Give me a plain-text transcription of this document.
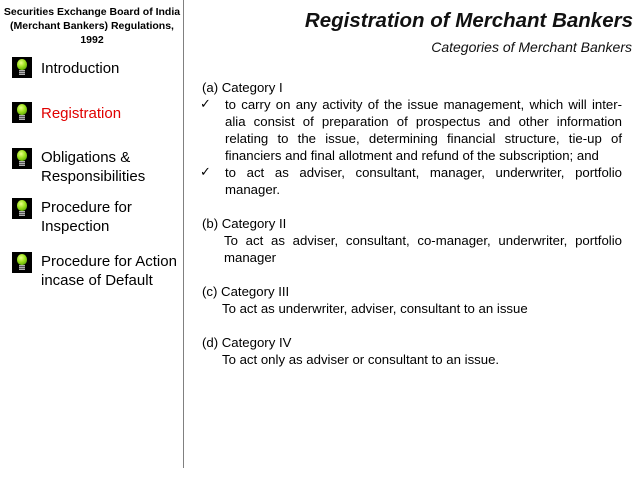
Securities Exchange Board of India
(Merchant Bankers) Regulations, 1992
Introduction
Registration
Obligations &
Responsibilities
Procedure for
Inspection
Procedure for Action
incase of Default
Registration of Merchant Bankers
Categories of Merchant Bankers
(a) Category I
✓ to carry on any activity of the issue management, which will inter-alia consist of preparation of prospectus and other information relating to the issue, determining financial structure, tie-up of financiers and final allotment and refund of the subscription; and
✓ to act as adviser, consultant, manager, underwriter, portfolio manager.
(b) Category II
To act as adviser, consultant, co-manager, underwriter, portfolio manager
(c) Category III
To act as underwriter, adviser, consultant to an issue
(d) Category IV
To act only as adviser or consultant to an issue.
